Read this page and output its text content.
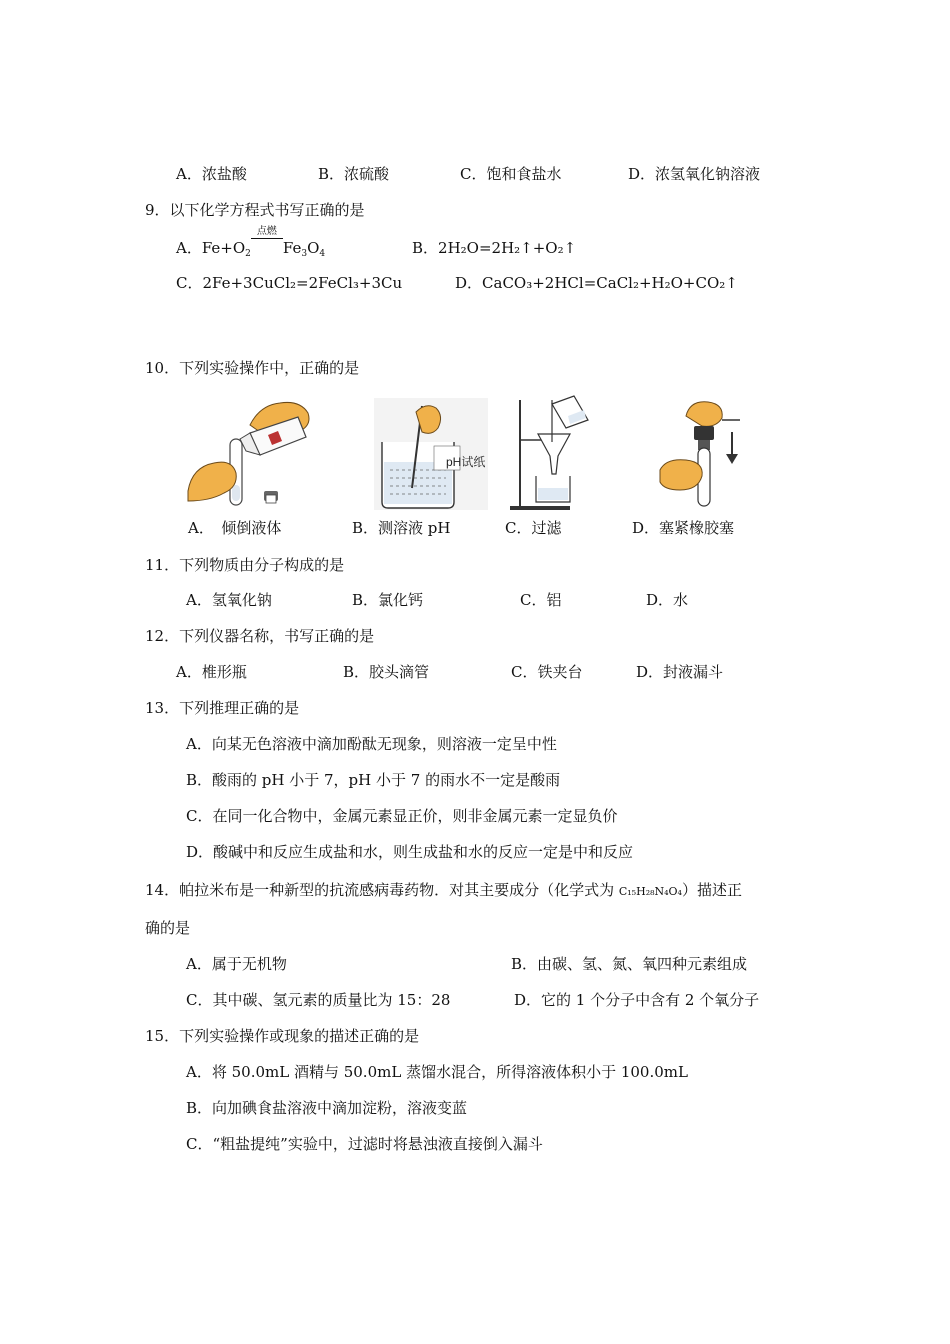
A．浓盐酸	B．浓硫酸	C．饱和食盐水	D．浓氢氧化钠溶液
9．以下化学方程式书写正确的是
A．$Fe+O_2$
点燃
$Fe_3O_4$	B．2H₂O=2H₂↑+O₂↑
C．2Fe+3CuCl₂=2FeCl₃+3Cu	D．CaCO₃+2HCl=CaCl₂+H₂O+CO₂↑
10．下列实验操作中，正确的是
pH试纸
A．　倾倒液体	B．测溶液 pH	C．过滤	D．塞紧橡胶塞
11．下列物质由分子构成的是
A．氢氧化钠	B．氯化钙	C．铝	D．水
12．下列仪器名称，书写正确的是
A．椎形瓶	B．胶头滴管	C．铁夹台	D．封液漏斗
13．下列推理正确的是
A．向某无色溶液中滴加酚酞无现象，则溶液一定呈中性
B．酸雨的 pH 小于 7，pH 小于 7 的雨水不一定是酸雨
C．在同一化合物中，金属元素显正价，则非金属元素一定显负价
D．酸碱中和反应生成盐和水，则生成盐和水的反应一定是中和反应
14．帕拉米布是一种新型的抗流感病毒药物．对其主要成分（化学式为 C₁₅H₂₈N₄O₄）描述正
确的是
A．属于无机物	B．由碳、氢、氮、氧四种元素组成
C．其中碳、氢元素的质量比为 15：28	D．它的 1 个分子中含有 2 个氧分子
15．下列实验操作或现象的描述正确的是
A．将 50.0mL 酒精与 50.0mL 蒸馏水混合，所得溶液体积小于 100.0mL
B．向加碘食盐溶液中滴加淀粉，溶液变蓝
C．“粗盐提纯”实验中，过滤时将悬浊液直接倒入漏斗
